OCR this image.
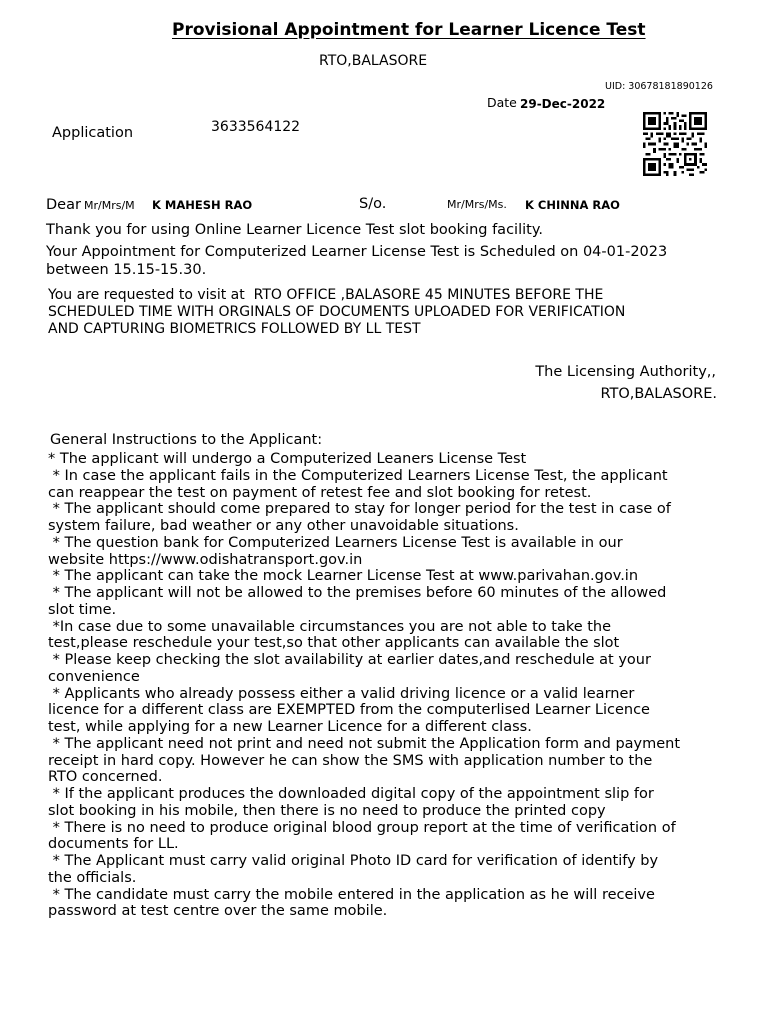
Provisional Appointment for Learner Licence Test
RTO,BALASORE
UID: 30678181890126
Date 29-Dec-2022
Application	3633564122
Dear Mr/Mrs/M K MAHESH RAO	S/o.	Mr/Mrs/Ms. K CHINNA RAO
Thank you for using Online Learner Licence Test slot booking facility.
Your Appointment for Computerized Learner License Test is Scheduled on 04-01-2023
between 15.15-15.30.
You are requested to visit at  RTO OFFICE ,BALASORE 45 MINUTES BEFORE THE
SCHEDULED TIME WITH ORGINALS OF DOCUMENTS UPLOADED FOR VERIFICATION
AND CAPTURING BIOMETRICS FOLLOWED BY LL TEST
The Licensing Authority,,
RTO,BALASORE.
General Instructions to the Applicant:
* The applicant will undergo a Computerized Leaners License Test
* In case the applicant fails in the Computerized Learners License Test, the applicant
can reappear the test on payment of retest fee and slot booking for retest.
* The applicant should come prepared to stay for longer period for the test in case of
system failure, bad weather or any other unavoidable situations.
* The question bank for Computerized Learners License Test is available in our
website https://www.odishatransport.gov.in
* The applicant can take the mock Learner License Test at www.parivahan.gov.in
* The applicant will not be allowed to the premises before 60 minutes of the allowed
slot time.
*In case due to some unavailable circumstances you are not able to take the
test,please reschedule your test,so that other applicants can available the slot
* Please keep checking the slot availability at earlier dates,and reschedule at your
convenience
* Applicants who already possess either a valid driving licence or a valid learner
licence for a different class are EXEMPTED from the computerlised Learner Licence
test, while applying for a new Learner Licence for a different class.
* The applicant need not print and need not submit the Application form and payment
receipt in hard copy. However he can show the SMS with application number to the
RTO concerned.
* If the applicant produces the downloaded digital copy of the appointment slip for
slot booking in his mobile, then there is no need to produce the printed copy
* There is no need to produce original blood group report at the time of verification of
documents for LL.
* The Applicant must carry valid original Photo ID card for verification of identify by
the officials.
* The candidate must carry the mobile entered in the application as he will receive
password at test centre over the same mobile.
